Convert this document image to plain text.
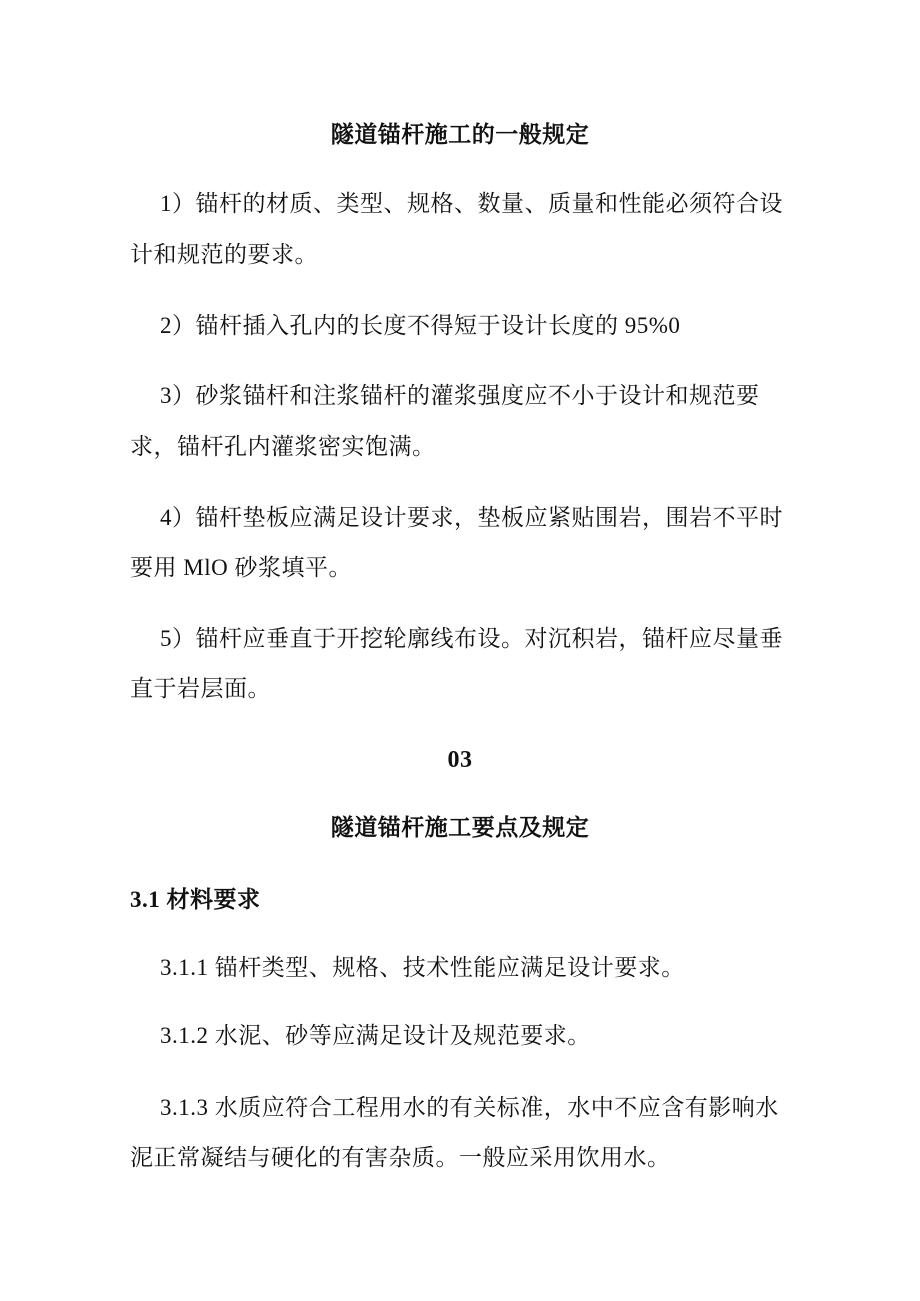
隧道锚杆施工的一般规定
1）锚杆的材质、类型、规格、数量、质量和性能必须符合设
计和规范的要求。
2）锚杆插入孔内的长度不得短于设计长度的 95%0
3）砂浆锚杆和注浆锚杆的灌浆强度应不小于设计和规范要
求，锚杆孔内灌浆密实饱满。
4）锚杆垫板应满足设计要求，垫板应紧贴围岩，围岩不平时
要用 MlO 砂浆填平。
5）锚杆应垂直于开挖轮廓线布设。对沉积岩，锚杆应尽量垂
直于岩层面。
03
隧道锚杆施工要点及规定
3.1 材料要求
3.1.1 锚杆类型、规格、技术性能应满足设计要求。
3.1.2 水泥、砂等应满足设计及规范要求。
3.1.3 水质应符合工程用水的有关标准，水中不应含有影响水
泥正常凝结与硬化的有害杂质。一般应采用饮用水。
